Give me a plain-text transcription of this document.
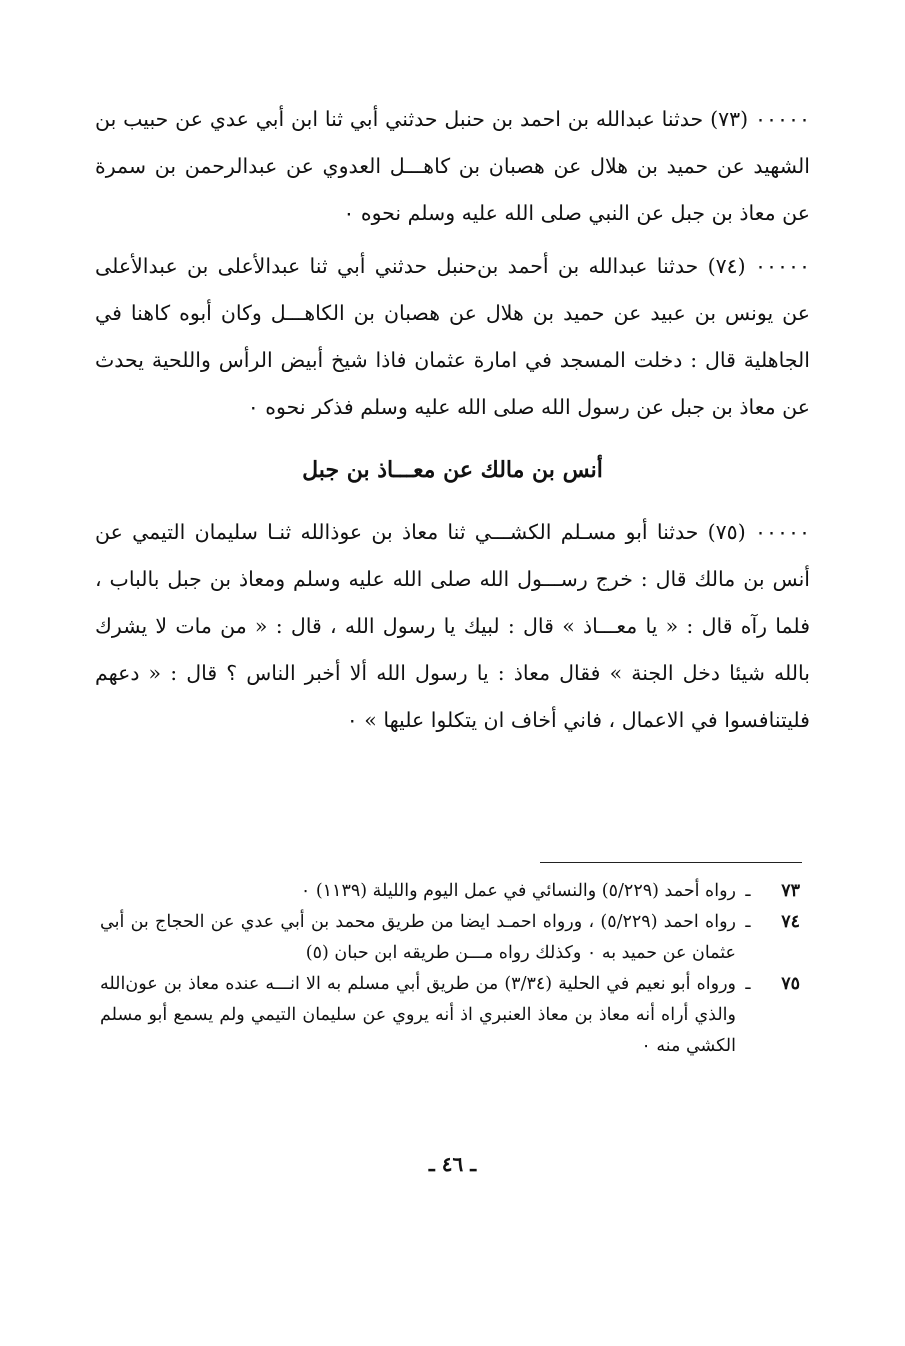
٠٠٠٠٠ (٧٣) حدثنا عبدالله بن احمد بن حنبل حدثني أبي ثنا ابن أبي عدي عن حبيب بن الشهيد عن حميد بن هلال عن هصبان بن كاهـــل العدوي عن عبدالرحمن بن سمرة عن معاذ بن جبل عن النبي صلى الله عليه وسلم نحوه ٠

٠٠٠٠٠ (٧٤) حدثنا عبدالله بن أحمد بن‌حنبل حدثني أبي ثنا عبدالأعلى بن عبدالأعلى عن يونس بن عبيد عن حميد بن هلال عن هصبان بن الكاهـــل وكان أبوه كاهنا في الجاهلية قال : دخلت المسجد في امارة عثمان فاذا شيخ أبيض الرأس واللحية يحدث عن معاذ بن جبل عن رسول الله صلى الله عليه وسلم فذكر نحوه ٠

أنس بن مالك عن معـــاذ بن جبل

٠٠٠٠٠ (٧٥) حدثنا أبو مسـلم الكشـــي ثنا معاذ بن عوذالله ثنـا سليمان التيمي عن أنس بن مالك قال : خرج رســـول الله صلى الله عليه وسلم ومعاذ بن جبل بالباب ، فلما رآه قال : « يا معـــاذ » قال : لبيك يا رسول الله ، قال : « من مات لا يشرك بالله شيئا دخل الجنة » فقال معاذ : يا رسول الله ألا أخبر الناس ؟ قال : « دعهم فليتنافسوا في الاعمال ، فاني أخاف ان يتكلوا عليها » ٠

٧٣
ـ
رواه أحمد (٥/٢٢٩) والنسائي في عمل اليوم والليلة (١١٣٩) ٠
٧٤
ـ
رواه احمد (٥/٢٢٩) ، ورواه احمـد ايضا من طريق محمد بن أبي عدي عن الحجاج بن أبي عثمان عن حميد به ٠ وكذلك رواه مـــن طريقه ابن حبان (٥)
٧٥
ـ
ورواه أبو نعيم في الحلية (٣/٣٤) من طريق أبي مسلم به الا انـــه عنده معاذ بن عون‌الله والذي أراه أنه معاذ بن معاذ العنبري اذ أنه يروي عن سليمان التيمي ولم يسمع أبو مسلم الكشي منه ٠
ـ ٤٦ ـ
